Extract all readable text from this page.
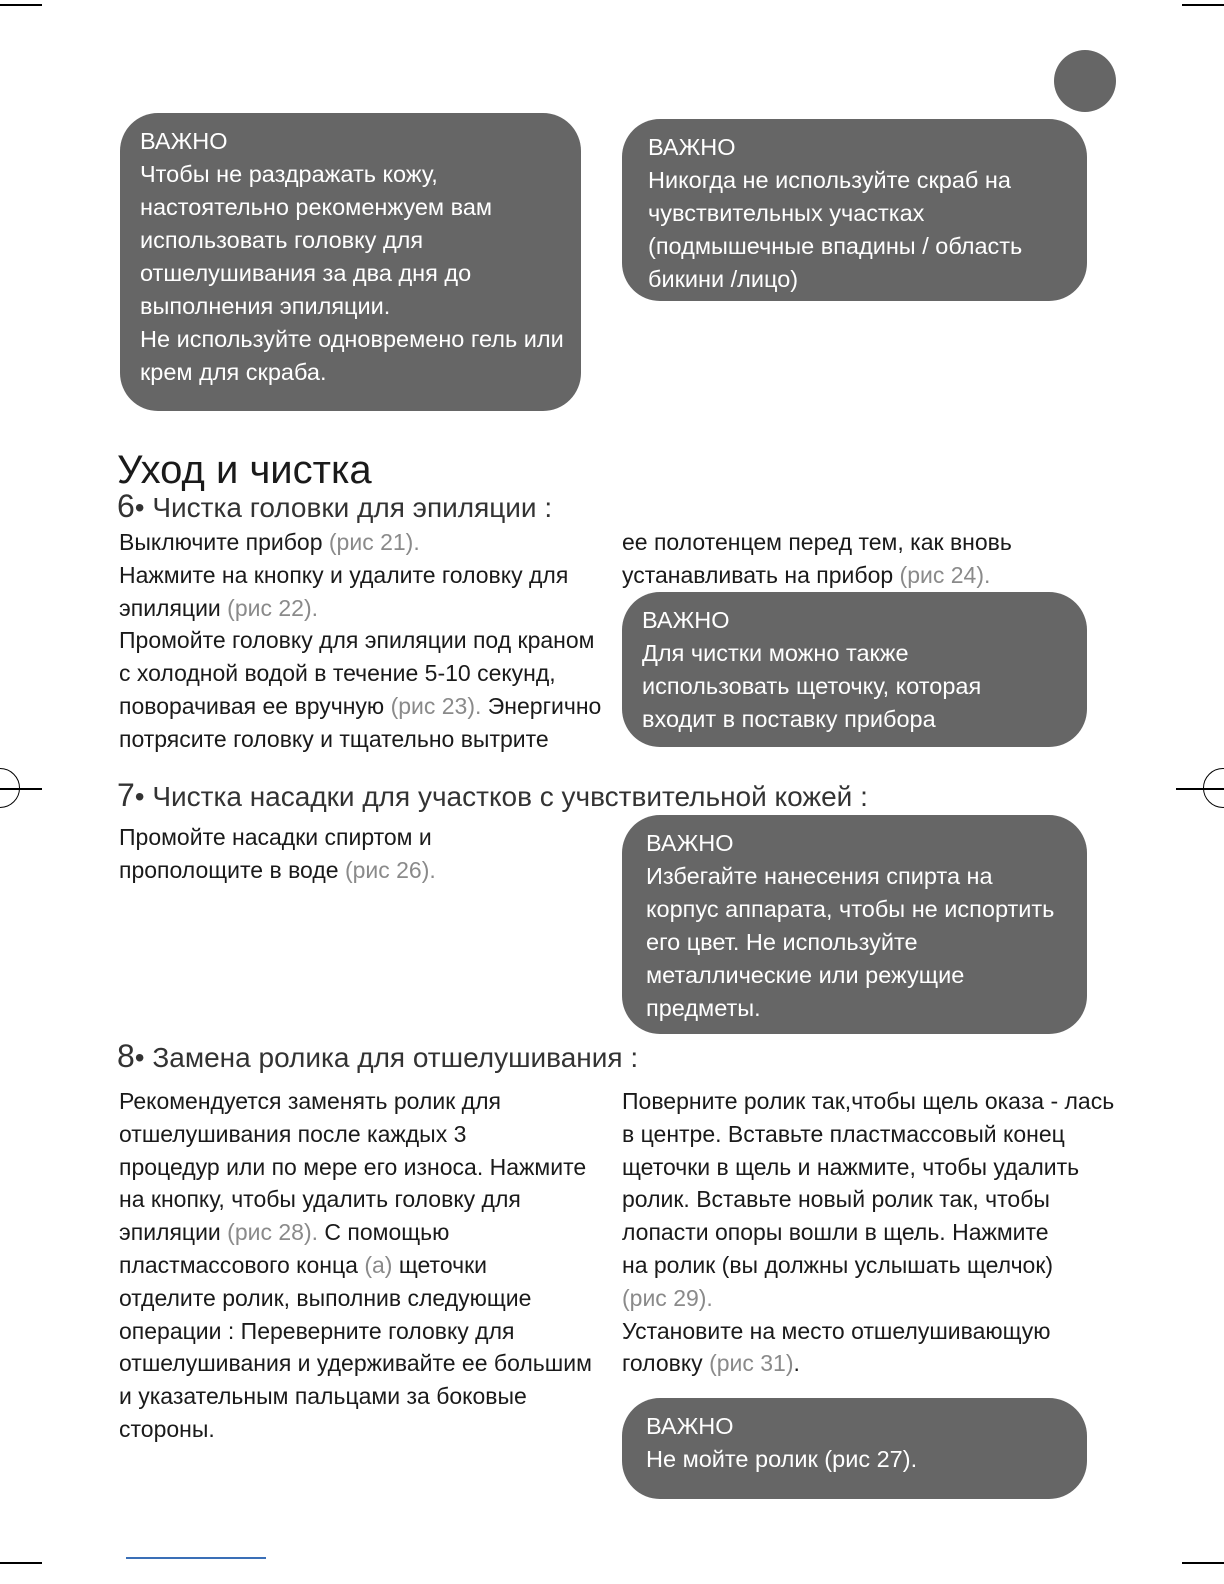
ВАЖНО
Чтобы не раздражать кожу,
настоятельно рекоменжуем вам
использовать головку для
отшелушивания за два дня до
выполнения эпиляции.
Не используйте одновремено гель или
крем для скраба.
ВАЖНО
Никогда не используйте скраб на
чувствительных участках
(подмышечные впадины / область
бикини /лицо)
Уход и чистка
6• Чистка головки для эпиляции :
Выключите прибор (рис 21).
Нажмите на кнопку и удалите головку для
эпиляции (рис 22).
Промойте головку для эпиляции под краном
с холодной водой в течение 5-10 секунд,
поворачивая ее вручную (рис 23). Энергично
потрясите головку и тщательно вытрите
ее полотенцем перед тем, как вновь
устанавливать на прибор (рис 24).
ВАЖНО
Для чистки можно также
использовать щеточку, которая
входит в поставку прибора
7• Чистка насадки для участков с учвствительной кожей :
Промойте насадки спиртом и
прополощите в воде (рис 26).
ВАЖНО
Избегайте нанесения спирта на
корпус аппарата, чтобы не испортить
его цвет. Не используйте
металлические или режущие
предметы.
8• Замена ролика для отшелушивания :
Рекомендуется заменять ролик для
отшелушивания после каждых 3
процедур или по мере его износа. Нажмите
на кнопку, чтобы удалить головку для
эпиляции (рис 28). С помощью
пластмассового конца (a) щеточки
отделите ролик, выполнив следующие
операции : Переверните головку для
отшелушивания и удерживайте ее большим
и указательным пальцами за боковые
стороны.
Поверните ролик так,чтобы щель оказа - лась
в центре. Вставьте пластмассовый конец
щеточки в щель и нажмите, чтобы удалить
ролик. Вставьте новый ролик так, чтобы
лопасти опоры вошли в щель. Нажмите
на ролик (вы должны услышать щелчок)
(рис 29).
Установите на место отшелушивающую
головку (рис 31).
ВАЖНО
Не мойте ролик (рис 27).
